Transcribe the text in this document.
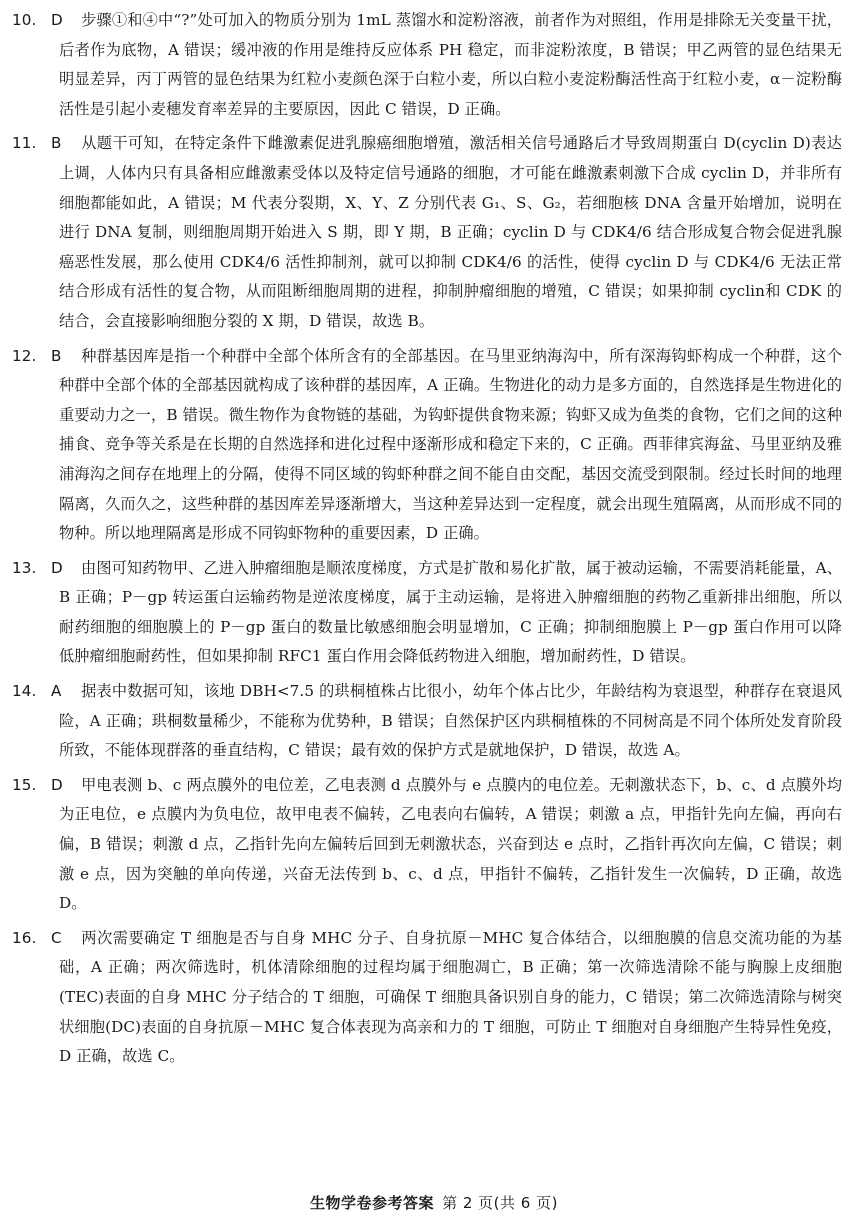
10. D 步骤①和④中“?”处可加入的物质分别为 1mL 蒸馏水和淀粉溶液，前者作为对照组，作用是排除无关变量干扰，后者作为底物，A 错误；缓冲液的作用是维持反应体系 PH 稳定，而非淀粉浓度，B 错误；甲乙两管的显色结果无明显差异，丙丁两管的显色结果为红粒小麦颜色深于白粒小麦，所以白粒小麦淀粉酶活性高于红粒小麦，α－淀粉酶活性是引起小麦穗发育率差异的主要原因，因此 C 错误，D 正确。

11. B 从题干可知，在特定条件下雌激素促进乳腺癌细胞增殖，激活相关信号通路后才导致周期蛋白 D(cyclin D)表达上调，人体内只有具备相应雌激素受体以及特定信号通路的细胞，才可能在雌激素刺激下合成 cyclin D，并非所有细胞都能如此，A 错误；M 代表分裂期，X、Y、Z 分别代表 G₁、S、G₂，若细胞核 DNA 含量开始增加，说明在进行 DNA 复制，则细胞周期开始进入 S 期，即 Y 期，B 正确；cyclin D 与 CDK4/6 结合形成复合物会促进乳腺癌恶性发展，那么使用 CDK4/6 活性抑制剂，就可以抑制 CDK4/6 的活性，使得 cyclin D 与 CDK4/6 无法正常结合形成有活性的复合物，从而阻断细胞周期的进程，抑制肿瘤细胞的增殖，C 错误；如果抑制 cyclin和 CDK 的结合，会直接影响细胞分裂的 X 期，D 错误，故选 B。

12. B 种群基因库是指一个种群中全部个体所含有的全部基因。在马里亚纳海沟中，所有深海钩虾构成一个种群，这个种群中全部个体的全部基因就构成了该种群的基因库，A 正确。生物进化的动力是多方面的，自然选择是生物进化的重要动力之一，B 错误。微生物作为食物链的基础，为钩虾提供食物来源；钩虾又成为鱼类的食物，它们之间的这种捕食、竞争等关系是在长期的自然选择和进化过程中逐渐形成和稳定下来的，C 正确。西菲律宾海盆、马里亚纳及雅浦海沟之间存在地理上的分隔，使得不同区域的钩虾种群之间不能自由交配，基因交流受到限制。经过长时间的地理隔离，久而久之，这些种群的基因库差异逐渐增大，当这种差异达到一定程度，就会出现生殖隔离，从而形成不同的物种。所以地理隔离是形成不同钩虾物种的重要因素，D 正确。

13. D 由图可知药物甲、乙进入肿瘤细胞是顺浓度梯度，方式是扩散和易化扩散，属于被动运输，不需要消耗能量，A、B 正确；P－gp 转运蛋白运输药物是逆浓度梯度，属于主动运输，是将进入肿瘤细胞的药物乙重新排出细胞，所以耐药细胞的细胞膜上的 P－gp 蛋白的数量比敏感细胞会明显增加，C 正确；抑制细胞膜上 P－gp 蛋白作用可以降低肿瘤细胞耐药性，但如果抑制 RFC1 蛋白作用会降低药物进入细胞，增加耐药性，D 错误。

14. A 据表中数据可知，该地 DBH<7.5 的珙桐植株占比很小，幼年个体占比少，年龄结构为衰退型，种群存在衰退风险，A 正确；珙桐数量稀少，不能称为优势种，B 错误；自然保护区内珙桐植株的不同树高是不同个体所处发育阶段所致，不能体现群落的垂直结构，C 错误；最有效的保护方式是就地保护，D 错误，故选 A。

15. D 甲电表测 b、c 两点膜外的电位差，乙电表测 d 点膜外与 e 点膜内的电位差。无刺激状态下，b、c、d 点膜外均为正电位，e 点膜内为负电位，故甲电表不偏转，乙电表向右偏转，A 错误；刺激 a 点，甲指针先向左偏，再向右偏，B 错误；刺激 d 点，乙指针先向左偏转后回到无刺激状态，兴奋到达 e 点时，乙指针再次向左偏，C 错误；刺激 e 点，因为突触的单向传递，兴奋无法传到 b、c、d 点，甲指针不偏转，乙指针发生一次偏转，D 正确，故选 D。

16. C 两次需要确定 T 细胞是否与自身 MHC 分子、自身抗原－MHC 复合体结合，以细胞膜的信息交流功能的为基础，A 正确；两次筛选时，机体清除细胞的过程均属于细胞凋亡，B 正确；第一次筛选清除不能与胸腺上皮细胞(TEC)表面的自身 MHC 分子结合的 T 细胞，可确保 T 细胞具备识别自身的能力，C 错误；第二次筛选清除与树突状细胞(DC)表面的自身抗原－MHC 复合体表现为高亲和力的 T 细胞，可防止 T 细胞对自身细胞产生特异性免疫，D 正确，故选 C。

生物学卷参考答案 第 2 页(共 6 页)
